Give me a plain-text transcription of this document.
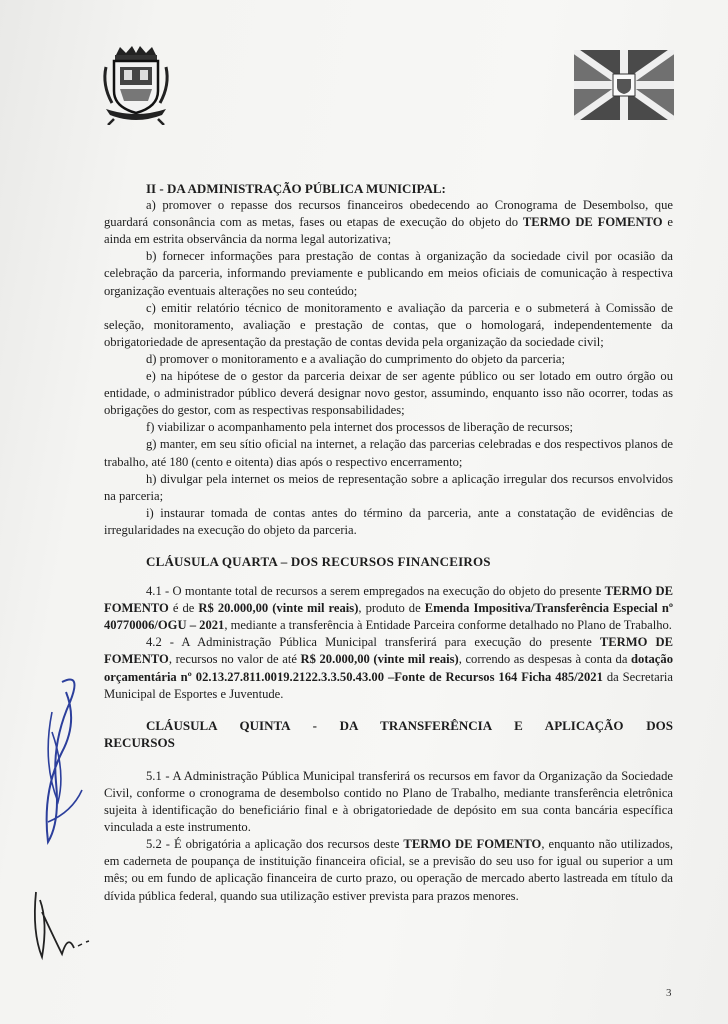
II - DA ADMINISTRAÇÃO PÚBLICA MUNICIPAL:

a) promover o repasse dos recursos financeiros obedecendo ao Cronograma de Desembolso, que guardará consonância com as metas, fases ou etapas de execução do objeto do TERMO DE FOMENTO e ainda em estrita observância da norma legal autorizativa;

b) fornecer informações para prestação de contas à organização da sociedade civil por ocasião da celebração da parceria, informando previamente e publicando em meios oficiais de comunicação à respectiva organização eventuais alterações no seu conteúdo;

c) emitir relatório técnico de monitoramento e avaliação da parceria e o submeterá à Comissão de seleção, monitoramento, avaliação e prestação de contas, que o homologará, independentemente da obrigatoriedade de apresentação da prestação de contas devida pela organização da sociedade civil;

d) promover o monitoramento e a avaliação do cumprimento do objeto da parceria;

e) na hipótese de o gestor da parceria deixar de ser agente público ou ser lotado em outro órgão ou entidade, o administrador público deverá designar novo gestor, assumindo, enquanto isso não ocorrer, todas as obrigações do gestor, com as respectivas responsabilidades;

f) viabilizar o acompanhamento pela internet dos processos de liberação de recursos;

g) manter, em seu sítio oficial na internet, a relação das parcerias celebradas e dos respectivos planos de trabalho, até 180 (cento e oitenta) dias após o respectivo encerramento;

h) divulgar pela internet os meios de representação sobre a aplicação irregular dos recursos envolvidos na parceria;

i) instaurar tomada de contas antes do término da parceria, ante a constatação de evidências de irregularidades na execução do objeto da parceria.

CLÁUSULA QUARTA – DOS RECURSOS FINANCEIROS

4.1 - O montante total de recursos a serem empregados na execução do objeto do presente TERMO DE FOMENTO é de R$ 20.000,00 (vinte mil reais), produto de Emenda Impositiva/Transferência Especial nº 40770006/OGU – 2021, mediante a transferência à Entidade Parceira conforme detalhado no Plano de Trabalho.

4.2 - A Administração Pública Municipal transferirá para execução do presente TERMO DE FOMENTO, recursos no valor de até R$ 20.000,00 (vinte mil reais), correndo as despesas à conta da dotação orçamentária nº 02.13.27.811.0019.2122.3.3.50.43.00 –Fonte de Recursos 164 Ficha 485/2021 da Secretaria Municipal de Esportes e Juventude.

CLÁUSULA QUINTA - DA TRANSFERÊNCIA E APLICAÇÃO DOS
RECURSOS

5.1 - A Administração Pública Municipal transferirá os recursos em favor da Organização da Sociedade Civil, conforme o cronograma de desembolso contido no Plano de Trabalho, mediante transferência eletrônica sujeita à identificação do beneficiário final e à obrigatoriedade de depósito em sua conta bancária específica vinculada a este instrumento.

5.2 - É obrigatória a aplicação dos recursos deste TERMO DE FOMENTO, enquanto não utilizados, em caderneta de poupança de instituição financeira oficial, se a previsão do seu uso for igual ou superior a um mês; ou em fundo de aplicação financeira de curto prazo, ou operação de mercado aberto lastreada em título da dívida pública federal, quando sua utilização estiver prevista para prazos menores.

3
